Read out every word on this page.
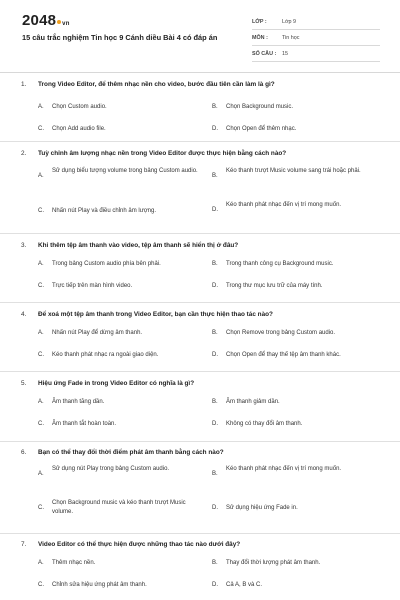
2048 vn
15 câu trắc nghiệm Tin học 9 Cánh diều Bài 4 có đáp án
LỚP :	Lớp 9
MÔN :	Tin học
SỐ CÂU :	15
1. Trong Video Editor, để thêm nhạc nền cho video, bước đầu tiên cần làm là gì?
A. Chọn Custom audio.	B. Chọn Background music.
C. Chọn Add audio file.	D. Chọn Open để thêm nhạc.
2. Tuỳ chỉnh âm lượng nhạc nền trong Video Editor được thực hiện bằng cách nào?
A.
Sử dụng biểu tượng volume trong bảng Custom audio.
B.
Kéo thanh trượt Music volume sang trái hoặc phải.
C. Nhấn nút Play và điều chỉnh âm lượng.	D.
Kéo thanh phát nhạc đến vị trí mong muốn.
3. Khi thêm tệp âm thanh vào video, tệp âm thanh sẽ hiển thị ở đâu?
A. Trong bảng Custom audio phía bên phải.	B. Trong thanh công cụ Background music.
C. Trực tiếp trên màn hình video.	D. Trong thư mục lưu trữ của máy tính.
4. Để xoá một tệp âm thanh trong Video Editor, bạn cần thực hiện thao tác nào?
A. Nhấn nút Play để dừng âm thanh.	B. Chọn Remove trong bảng Custom audio.
C. Kéo thanh phát nhạc ra ngoài giao diện.	D. Chọn Open để thay thế tệp âm thanh khác.
5. Hiệu ứng Fade in trong Video Editor có nghĩa là gì?
A. Âm thanh tăng dần.	B. Âm thanh giảm dần.
C. Âm thanh tắt hoàn toàn.	D. Không có thay đổi âm thanh.
6. Bạn có thể thay đổi thời điểm phát âm thanh bằng cách nào?
A.
Sử dụng nút Play trong bảng Custom audio.
B.
Kéo thanh phát nhạc đến vị trí mong muốn.
C.
Chọn Background music và kéo thanh trượt Music volume.
D. Sử dụng hiệu ứng Fade in.
7. Video Editor có thể thực hiện được những thao tác nào dưới đây?
A. Thêm nhạc nền.	B. Thay đổi thời lượng phát âm thanh.
C. Chỉnh sửa hiệu ứng phát âm thanh.	D. Cả A, B và C.
